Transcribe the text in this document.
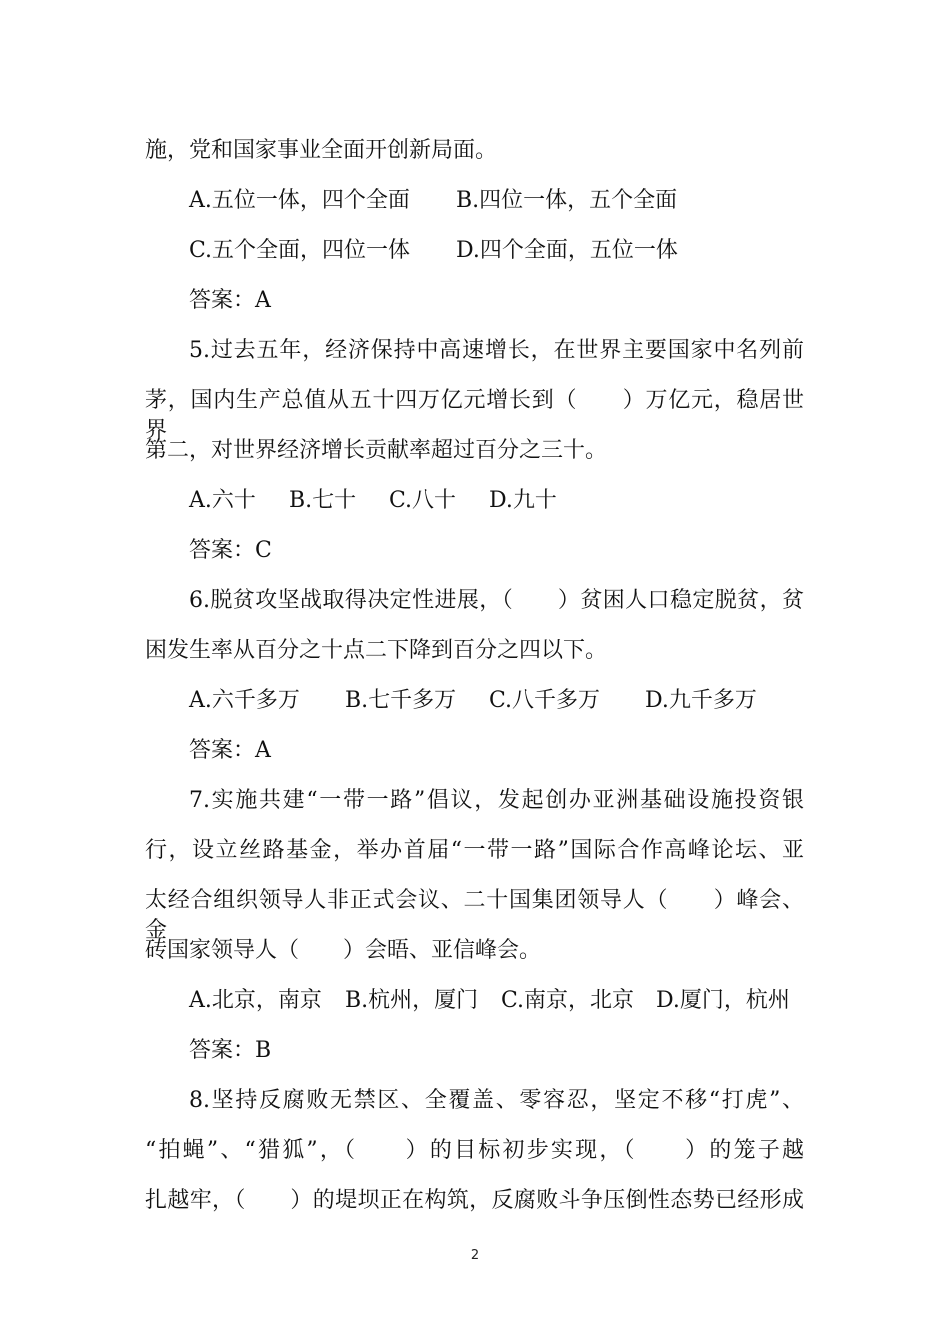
施，党和国家事业全面开创新局面。
A.五位一体，四个全面 B.四位一体，五个全面
C.五个全面，四位一体 D.四个全面，五位一体
答案：A
5.过去五年，经济保持中高速增长，在世界主要国家中名列前
茅，国内生产总值从五十四万亿元增长到（　　）万亿元，稳居世界
第二，对世界经济增长贡献率超过百分之三十。
A.六十 B.七十 C.八十 D.九十
答案：C
6.脱贫攻坚战取得决定性进展，（　　）贫困人口稳定脱贫，贫
困发生率从百分之十点二下降到百分之四以下。
A.六千多万 B.七千多万 C.八千多万 D.九千多万
答案：A
7.实施共建“一带一路”倡议，发起创办亚洲基础设施投资银
行，设立丝路基金，举办首届“一带一路”国际合作高峰论坛、亚
太经合组织领导人非正式会议、二十国集团领导人（　　）峰会、金
砖国家领导人（　　）会晤、亚信峰会。
A.北京，南京 B.杭州，厦门 C.南京，北京 D.厦门，杭州
答案：B
8.坚持反腐败无禁区、全覆盖、零容忍，坚定不移“打虎”、
“拍蝇”、“猎狐”，（　　）的目标初步实现，（　　）的笼子越
扎越牢，（　　）的堤坝正在构筑，反腐败斗争压倒性态势已经形成
2
